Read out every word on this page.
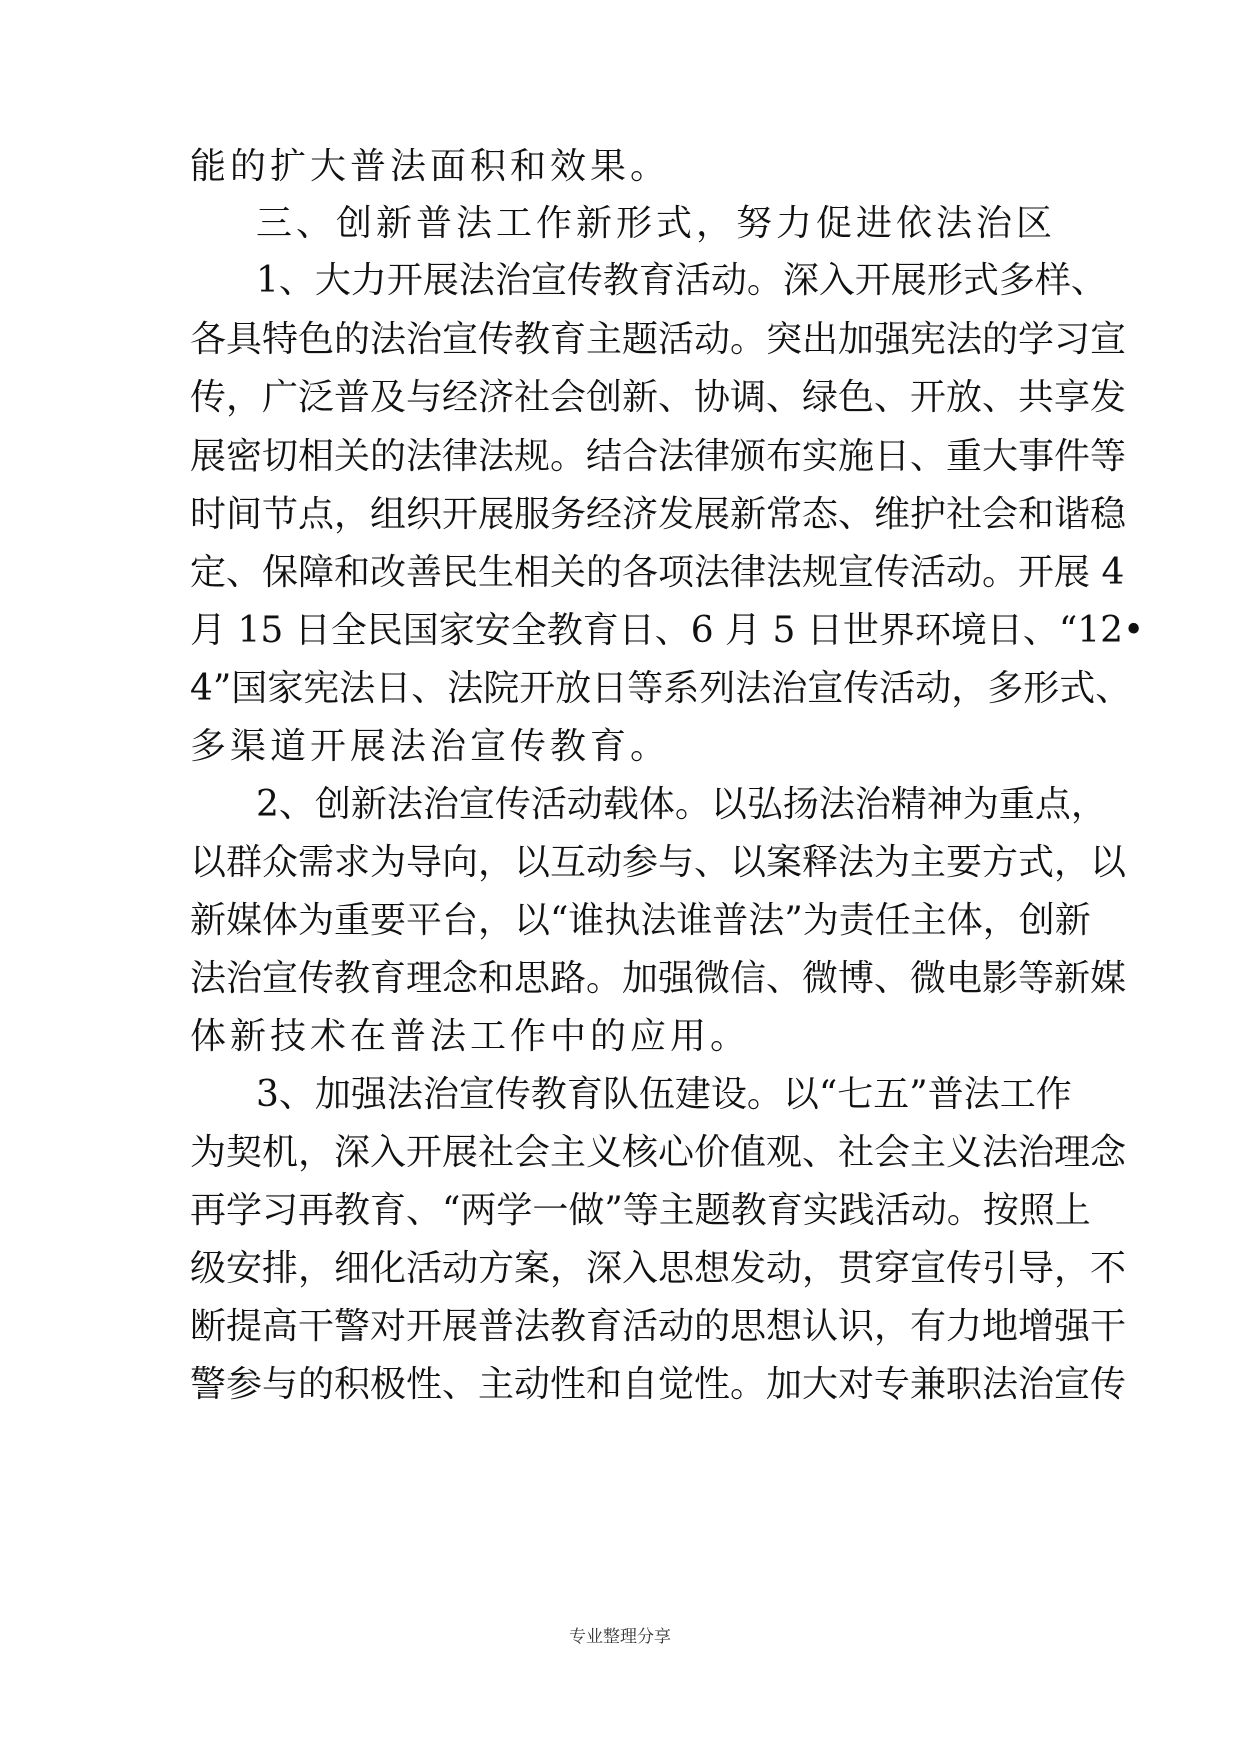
能的扩大普法面积和效果。
三、创新普法工作新形式，努力促进依法治区
1、大力开展法治宣传教育活动。深入开展形式多样、
各具特色的法治宣传教育主题活动。突出加强宪法的学习宣
传，广泛普及与经济社会创新、协调、绿色、开放、共享发
展密切相关的法律法规。结合法律颁布实施日、重大事件等
时间节点，组织开展服务经济发展新常态、维护社会和谐稳
定、保障和改善民生相关的各项法律法规宣传活动。开展 4
月 15 日全民国家安全教育日、6 月 5 日世界环境日、“12•
4”国家宪法日、法院开放日等系列法治宣传活动，多形式、
多渠道开展法治宣传教育。
2、创新法治宣传活动载体。以弘扬法治精神为重点，
以群众需求为导向，以互动参与、以案释法为主要方式，以
新媒体为重要平台，以“谁执法谁普法”为责任主体，创新
法治宣传教育理念和思路。加强微信、微博、微电影等新媒
体新技术在普法工作中的应用。
3、加强法治宣传教育队伍建设。以“七五”普法工作
为契机，深入开展社会主义核心价值观、社会主义法治理念
再学习再教育、“两学一做”等主题教育实践活动。按照上
级安排，细化活动方案，深入思想发动，贯穿宣传引导，不
断提高干警对开展普法教育活动的思想认识，有力地增强干
警参与的积极性、主动性和自觉性。加大对专兼职法治宣传
专业整理分享
